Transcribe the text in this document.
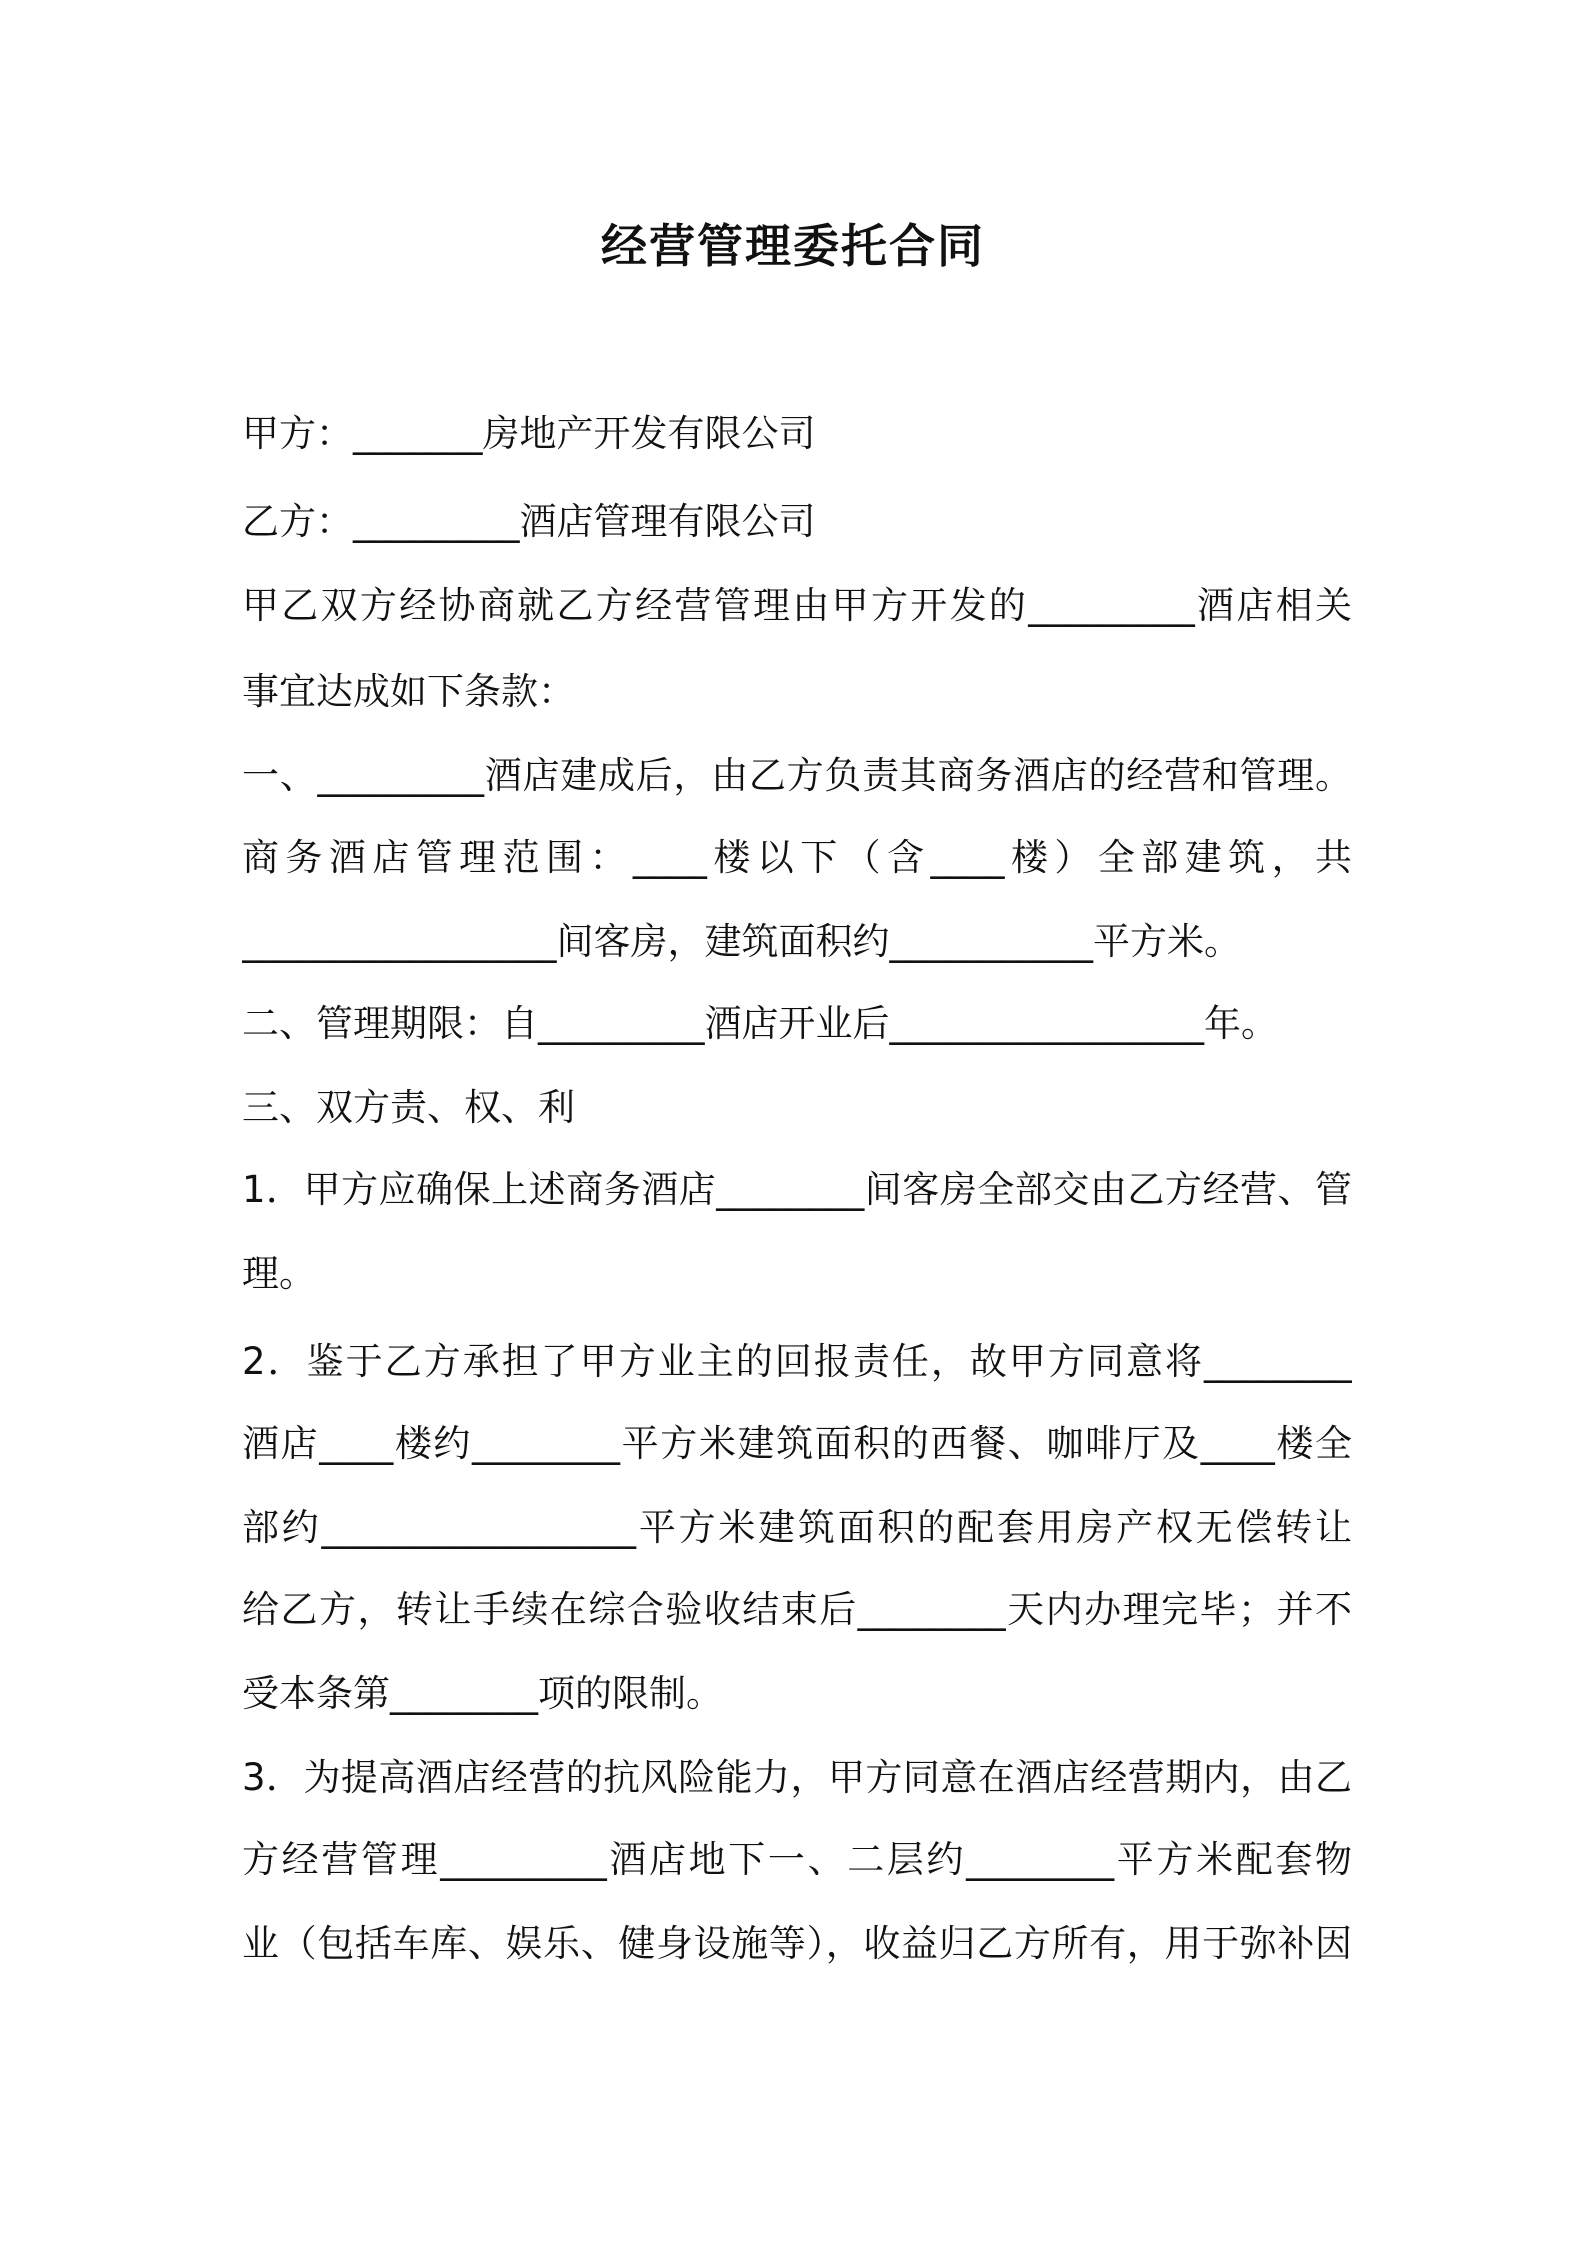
经营管理委托合同

甲方：_______房地产开发有限公司

乙方：_________酒店管理有限公司

甲乙双方经协商就乙方经营管理由甲方开发的_________酒店相关

事宜达成如下条款：

一、_________酒店建成后，由乙方负责其商务酒店的经营和管理。

商务酒店管理范围：____楼以下（含____楼）全部建筑，共

_________________间客房，建筑面积约___________平方米。

二、管理期限：自_________酒店开业后_________________年。

三、双方责、权、利

1．甲方应确保上述商务酒店________间客房全部交由乙方经营、管

理。

2．鉴于乙方承担了甲方业主的回报责任，故甲方同意将________

酒店____楼约________平方米建筑面积的西餐、咖啡厅及____楼全

部约_________________平方米建筑面积的配套用房产权无偿转让

给乙方，转让手续在综合验收结束后________天内办理完毕；并不

受本条第________项的限制。

3．为提高酒店经营的抗风险能力，甲方同意在酒店经营期内，由乙

方经营管理_________酒店地下一、二层约________平方米配套物

业（包括车库、娱乐、健身设施等），收益归乙方所有，用于弥补因
